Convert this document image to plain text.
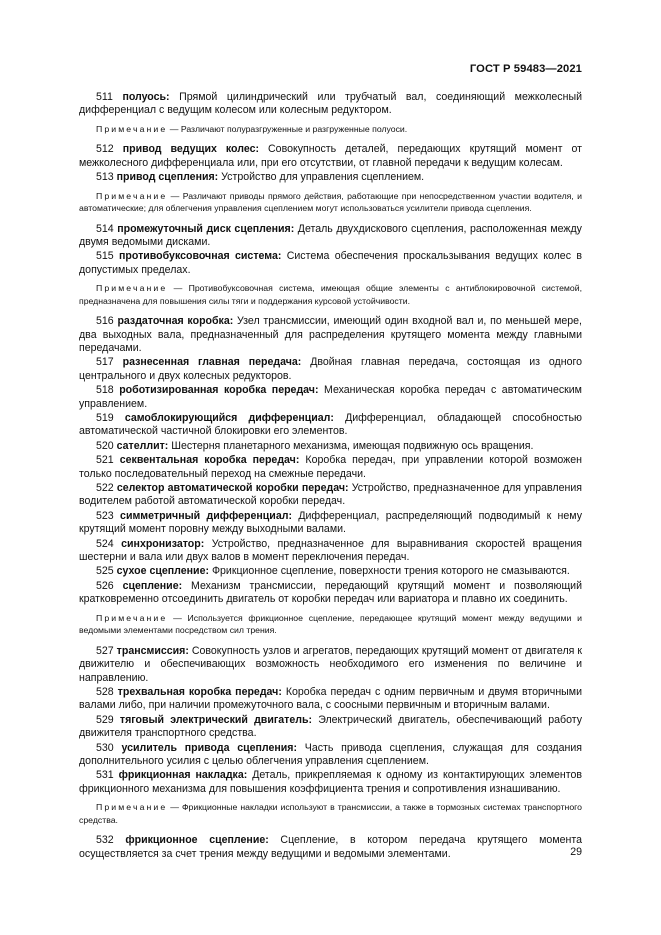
ГОСТ Р 59483—2021

511 полуось: Прямой цилиндрический или трубчатый вал, соединяющий межколесный дифференциал с ведущим колесом или колесным редуктором.

Примечание — Различают полуразгруженные и разгруженные полуоси.

512 привод ведущих колес: Совокупность деталей, передающих крутящий момент от межколесного дифференциала или, при его отсутствии, от главной передачи к ведущим колесам.

513 привод сцепления: Устройство для управления сцеплением.

Примечание — Различают приводы прямого действия, работающие при непосредственном участии водителя, и автоматические; для облегчения управления сцеплением могут использоваться усилители привода сцепления.

514 промежуточный диск сцепления: Деталь двухдискового сцепления, расположенная между двумя ведомыми дисками.

515 противобуксовочная система: Система обеспечения проскальзывания ведущих колес в допустимых пределах.

Примечание — Противобуксовочная система, имеющая общие элементы с антиблокировочной системой, предназначена для повышения силы тяги и поддержания курсовой устойчивости.

516 раздаточная коробка: Узел трансмиссии, имеющий один входной вал и, по меньшей мере, два выходных вала, предназначенный для распределения крутящего момента между главными передачами.

517 разнесенная главная передача: Двойная главная передача, состоящая из одного центрального и двух колесных редукторов.

518 роботизированная коробка передач: Механическая коробка передач с автоматическим управлением.

519 самоблокирующийся дифференциал: Дифференциал, обладающей способностью автоматической частичной блокировки его элементов.

520 сателлит: Шестерня планетарного механизма, имеющая подвижную ось вращения.

521 секвентальная коробка передач: Коробка передач, при управлении которой возможен только последовательный переход на смежные передачи.

522 селектор автоматической коробки передач: Устройство, предназначенное для управления водителем работой автоматической коробки передач.

523 симметричный дифференциал: Дифференциал, распределяющий подводимый к нему крутящий момент поровну между выходными валами.

524 синхронизатор: Устройство, предназначенное для выравнивания скоростей вращения шестерни и вала или двух валов в момент переключения передач.

525 сухое сцепление: Фрикционное сцепление, поверхности трения которого не смазываются.

526 сцепление: Механизм трансмиссии, передающий крутящий момент и позволяющий кратковременно отсоединить двигатель от коробки передач или вариатора и плавно их соединить.

Примечание — Используется фрикционное сцепление, передающее крутящий момент между ведущими и ведомыми элементами посредством сил трения.

527 трансмиссия: Совокупность узлов и агрегатов, передающих крутящий момент от двигателя к движителю и обеспечивающих возможность необходимого его изменения по величине и направлению.

528 трехвальная коробка передач: Коробка передач с одним первичным и двумя вторичными валами либо, при наличии промежуточного вала, с соосными первичным и вторичным валами.

529 тяговый электрический двигатель: Электрический двигатель, обеспечивающий работу движителя транспортного средства.

530 усилитель привода сцепления: Часть привода сцепления, служащая для создания дополнительного усилия с целью облегчения управления сцеплением.

531 фрикционная накладка: Деталь, прикрепляемая к одному из контактирующих элементов фрикционного механизма для повышения коэффициента трения и сопротивления изнашиванию.

Примечание — Фрикционные накладки используют в трансмиссии, а также в тормозных системах транспортного средства.

532 фрикционное сцепление: Сцепление, в котором передача крутящего момента осуществляется за счет трения между ведущими и ведомыми элементами.	29
